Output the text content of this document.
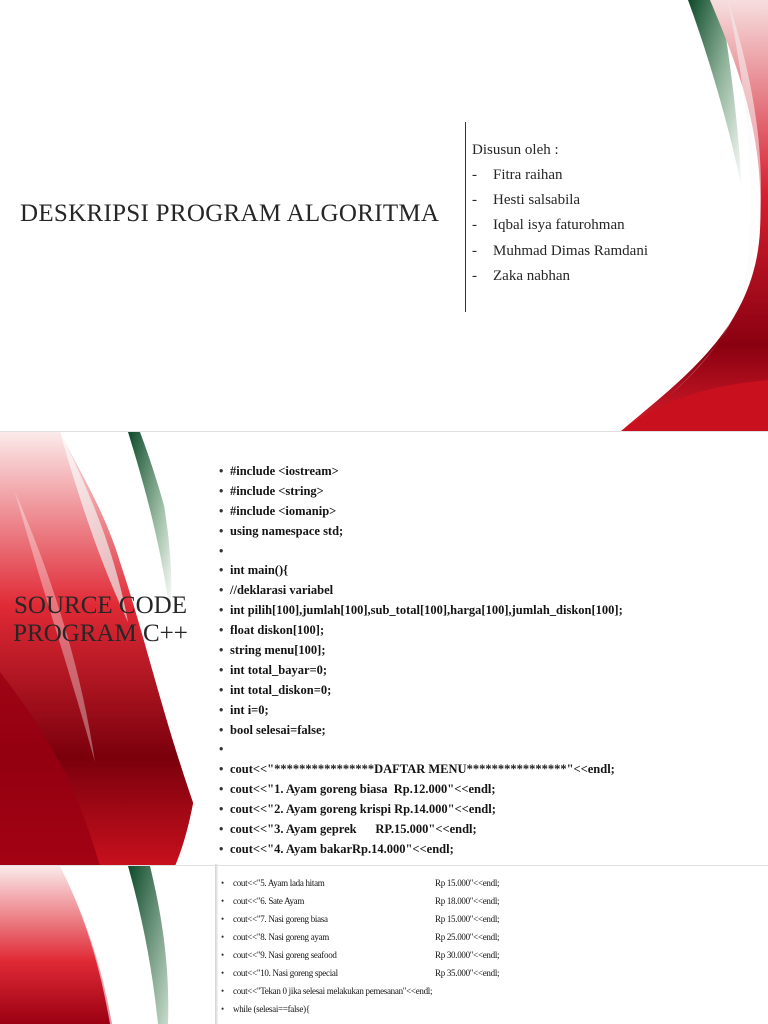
DESKRIPSI PROGRAM ALGORITMA
Disusun oleh :
-	Fitra raihan
-	Hesti salsabila
-	Iqbal isya faturohman
-	Muhmad Dimas Ramdani
-	Zaka nabhan
SOURCE CODE PROGRAM C++
• #include <iostream>
• #include <string>
• #include <iomanip>
• using namespace std;
•
• int main(){
• //deklarasi variabel
• int pilih[100],jumlah[100],sub_total[100],harga[100],jumlah_diskon[100];
• float diskon[100];
• string menu[100];
• int total_bayar=0;
• int total_diskon=0;
• int i=0;
• bool selesai=false;
•
• cout<<"****************DAFTAR MENU****************"<<endl;
• cout<<"1. Ayam goreng biasa  Rp.12.000"<<endl;
• cout<<"2. Ayam goreng krispi Rp.14.000"<<endl;
• cout<<"3. Ayam geprek      RP.15.000"<<endl;
• cout<<"4. Ayam bakarRp.14.000"<<endl;
• cout<<"5. Ayam lada hitam	Rp 15.000"<<endl;
• cout<<"6. Sate Ayam	Rp 18.000"<<endl;
• cout<<"7. Nasi goreng biasa	Rp 15.000"<<endl;
• cout<<"8. Nasi goreng ayam	Rp 25.000"<<endl;
• cout<<"9. Nasi goreng seafood	Rp 30.000"<<endl;
• cout<<"10. Nasi goreng special	Rp 35.000"<<endl;
• cout<<"Tekan 0 jika selesai melakukan pemesanan"<<endl;
• while (selesai==false){
